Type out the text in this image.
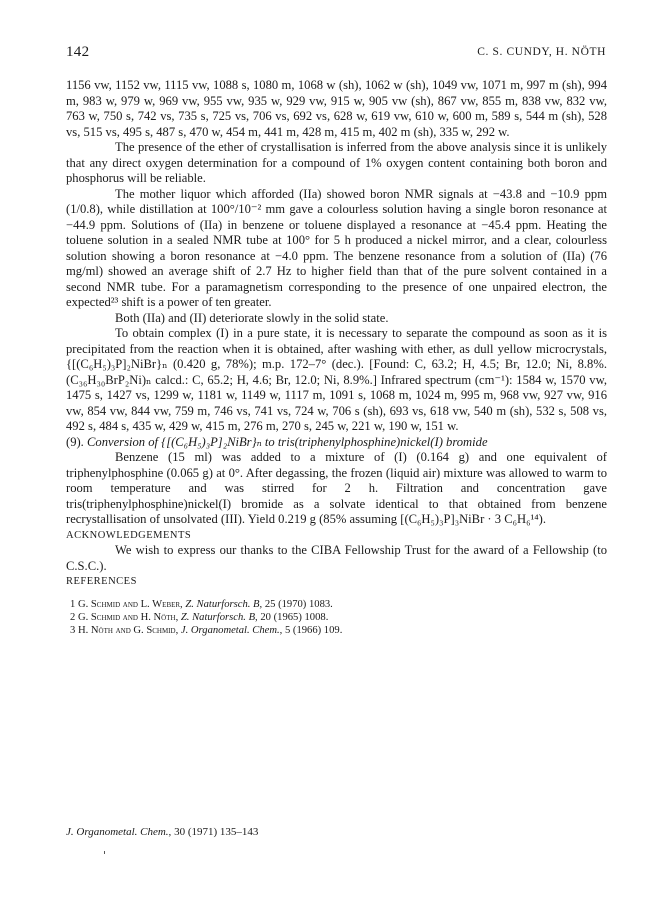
142	C. S. CUNDY, H. NÖTH

1156 vw, 1152 vw, 1115 vw, 1088 s, 1080 m, 1068 w (sh), 1062 w (sh), 1049 vw, 1071 m, 997 m (sh), 994 m, 983 w, 979 w, 969 vw, 955 vw, 935 w, 929 vw, 915 w, 905 vw (sh), 867 vw, 855 m, 838 vw, 832 vw, 763 w, 750 s, 742 vs, 735 s, 725 vs, 706 vs, 692 vs, 628 w, 619 vw, 610 w, 600 m, 589 s, 544 m (sh), 528 vs, 515 vs, 495 s, 487 s, 470 w, 454 m, 441 m, 428 m, 415 m, 402 m (sh), 335 w, 292 w.

The presence of the ether of crystallisation is inferred from the above analysis since it is unlikely that any direct oxygen determination for a compound of 1% oxygen content containing both boron and phosphorus will be reliable.

The mother liquor which afforded (IIa) showed boron NMR signals at −43.8 and −10.9 ppm (1/0.8), while distillation at 100°/10⁻² mm gave a colourless solution having a single boron resonance at −44.9 ppm. Solutions of (IIa) in benzene or toluene displayed a resonance at −45.4 ppm. Heating the toluene solution in a sealed NMR tube at 100° for 5 h produced a nickel mirror, and a clear, colourless solution showing a boron resonance at −4.0 ppm. The benzene resonance from a solution of (IIa) (76 mg/ml) showed an average shift of 2.7 Hz to higher field than that of the pure solvent contained in a second NMR tube. For a paramagnetism corresponding to the presence of one unpaired electron, the expected²³ shift is a power of ten greater.

Both (IIa) and (II) deteriorate slowly in the solid state.

To obtain complex (I) in a pure state, it is necessary to separate the compound as soon as it is precipitated from the reaction when it is obtained, after washing with ether, as dull yellow microcrystals, {[(C₆H₅)₃P]₂NiBr}ₙ (0.420 g, 78%); m.p. 172–7° (dec.). [Found: C, 63.2; H, 4.5; Br, 12.0; Ni, 8.8%. (C₃₆H₃₀BrP₂Ni)ₙ calcd.: C, 65.2; H, 4.6; Br, 12.0; Ni, 8.9%.] Infrared spectrum (cm⁻¹): 1584 w, 1570 vw, 1475 s, 1427 vs, 1299 w, 1181 w, 1149 w, 1117 m, 1091 s, 1068 m, 1024 m, 995 m, 968 vw, 927 vw, 916 vw, 854 vw, 844 vw, 759 m, 746 vs, 741 vs, 724 w, 706 s (sh), 693 vs, 618 vw, 540 m (sh), 532 s, 508 vs, 492 s, 484 s, 435 w, 429 w, 415 m, 276 m, 270 s, 245 w, 221 w, 190 w, 151 w.

(9). Conversion of {[(C₆H₅)₃P]₂NiBr}ₙ to tris(triphenylphosphine)nickel(I) bromide

Benzene (15 ml) was added to a mixture of (I) (0.164 g) and one equivalent of triphenylphosphine (0.065 g) at 0°. After degassing, the frozen (liquid air) mixture was allowed to warm to room temperature and was stirred for 2 h. Filtration and concentration gave tris(triphenylphosphine)nickel(I) bromide as a solvate identical to that obtained from benzene recrystallisation of unsolvated (III). Yield 0.219 g (85% assuming [(C₆H₅)₃P]₃NiBr · 3 C₆H₆¹⁴).

ACKNOWLEDGEMENTS

We wish to express our thanks to the CIBA Fellowship Trust for the award of a Fellowship (to C.S.C.).

REFERENCES

1 G. Schmid and L. Weber, Z. Naturforsch. B, 25 (1970) 1083.
2 G. Schmid and H. Nöth, Z. Naturforsch. B, 20 (1965) 1008.
3 H. Nöth and G. Schmid, J. Organometal. Chem., 5 (1966) 109.
J. Organometal. Chem., 30 (1971) 135–143
